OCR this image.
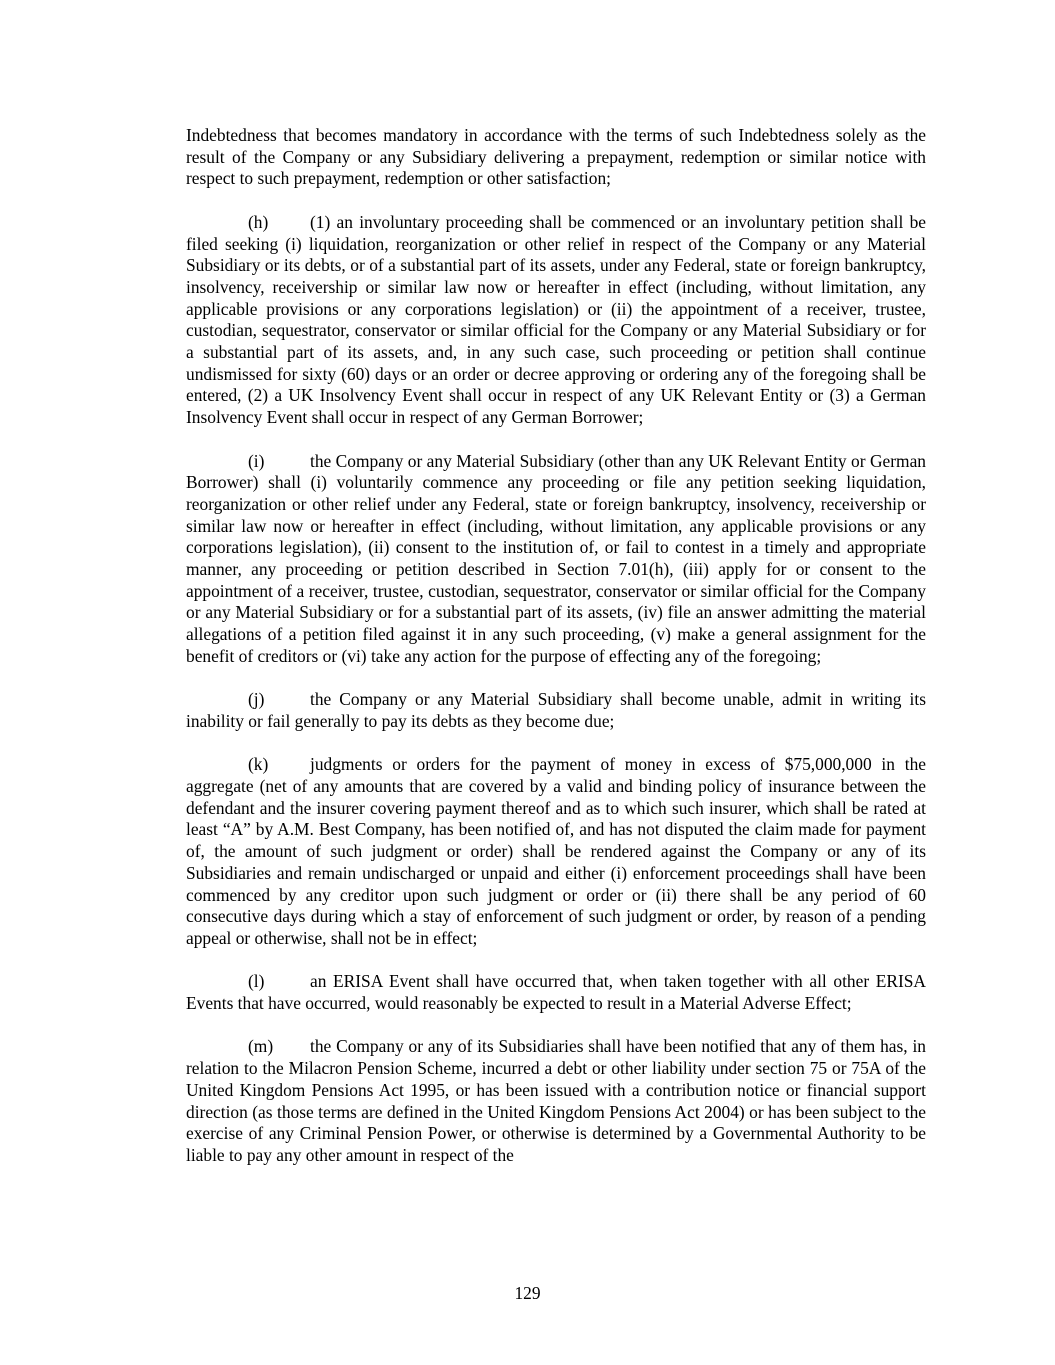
Indebtedness that becomes mandatory in accordance with the terms of such Indebtedness solely as the result of the Company or any Subsidiary delivering a prepayment, redemption or similar notice with respect to such prepayment, redemption or other satisfaction;

(h) (1) an involuntary proceeding shall be commenced or an involuntary petition shall be filed seeking (i) liquidation, reorganization or other relief in respect of the Company or any Material Subsidiary or its debts, or of a substantial part of its assets, under any Federal, state or foreign bankruptcy, insolvency, receivership or similar law now or hereafter in effect (including, without limitation, any applicable provisions or any corporations legislation) or (ii) the appointment of a receiver, trustee, custodian, sequestrator, conservator or similar official for the Company or any Material Subsidiary or for a substantial part of its assets, and, in any such case, such proceeding or petition shall continue undismissed for sixty (60) days or an order or decree approving or ordering any of the foregoing shall be entered, (2) a UK Insolvency Event shall occur in respect of any UK Relevant Entity or (3) a German Insolvency Event shall occur in respect of any German Borrower;

(i)	the Company or any Material Subsidiary (other than any UK Relevant Entity or German Borrower) shall (i) voluntarily commence any proceeding or file any petition seeking liquidation, reorganization or other relief under any Federal, state or foreign bankruptcy, insolvency, receivership or similar law now or hereafter in effect (including, without limitation, any applicable provisions or any corporations legislation), (ii) consent to the institution of, or fail to contest in a timely and appropriate manner, any proceeding or petition described in Section 7.01(h), (iii) apply for or consent to the appointment of a receiver, trustee, custodian, sequestrator, conservator or similar official for the Company or any Material Subsidiary or for a substantial part of its assets, (iv) file an answer admitting the material allegations of a petition filed against it in any such proceeding, (v) make a general assignment for the benefit of creditors or (vi) take any action for the purpose of effecting any of the foregoing;

(j)	the Company or any Material Subsidiary shall become unable, admit in writing its inability or fail generally to pay its debts as they become due;

(k) judgments or orders for the payment of money in excess of $75,000,000 in the aggregate (net of any amounts that are covered by a valid and binding policy of insurance between the defendant and the insurer covering payment thereof and as to which such insurer, which shall be rated at least “A” by A.M. Best Company, has been notified of, and has not disputed the claim made for payment of, the amount of such judgment or order) shall be rendered against the Company or any of its Subsidiaries and remain undischarged or unpaid and either (i) enforcement proceedings shall have been commenced by any creditor upon such judgment or order or (ii) there shall be any period of 60 consecutive days during which a stay of enforcement of such judgment or order, by reason of a pending appeal or otherwise, shall not be in effect;

(l)	an ERISA Event shall have occurred that, when taken together with all other ERISA Events that have occurred, would reasonably be expected to result in a Material Adverse Effect;

(m) the Company or any of its Subsidiaries shall have been notified that any of them has, in relation to the Milacron Pension Scheme, incurred a debt or other liability under section 75 or 75A of the United Kingdom Pensions Act 1995, or has been issued with a contribution notice or financial support direction (as those terms are defined in the United Kingdom Pensions Act 2004) or has been subject to the exercise of any Criminal Pension Power, or otherwise is determined by a Governmental Authority to be liable to pay any other amount in respect of the

129
